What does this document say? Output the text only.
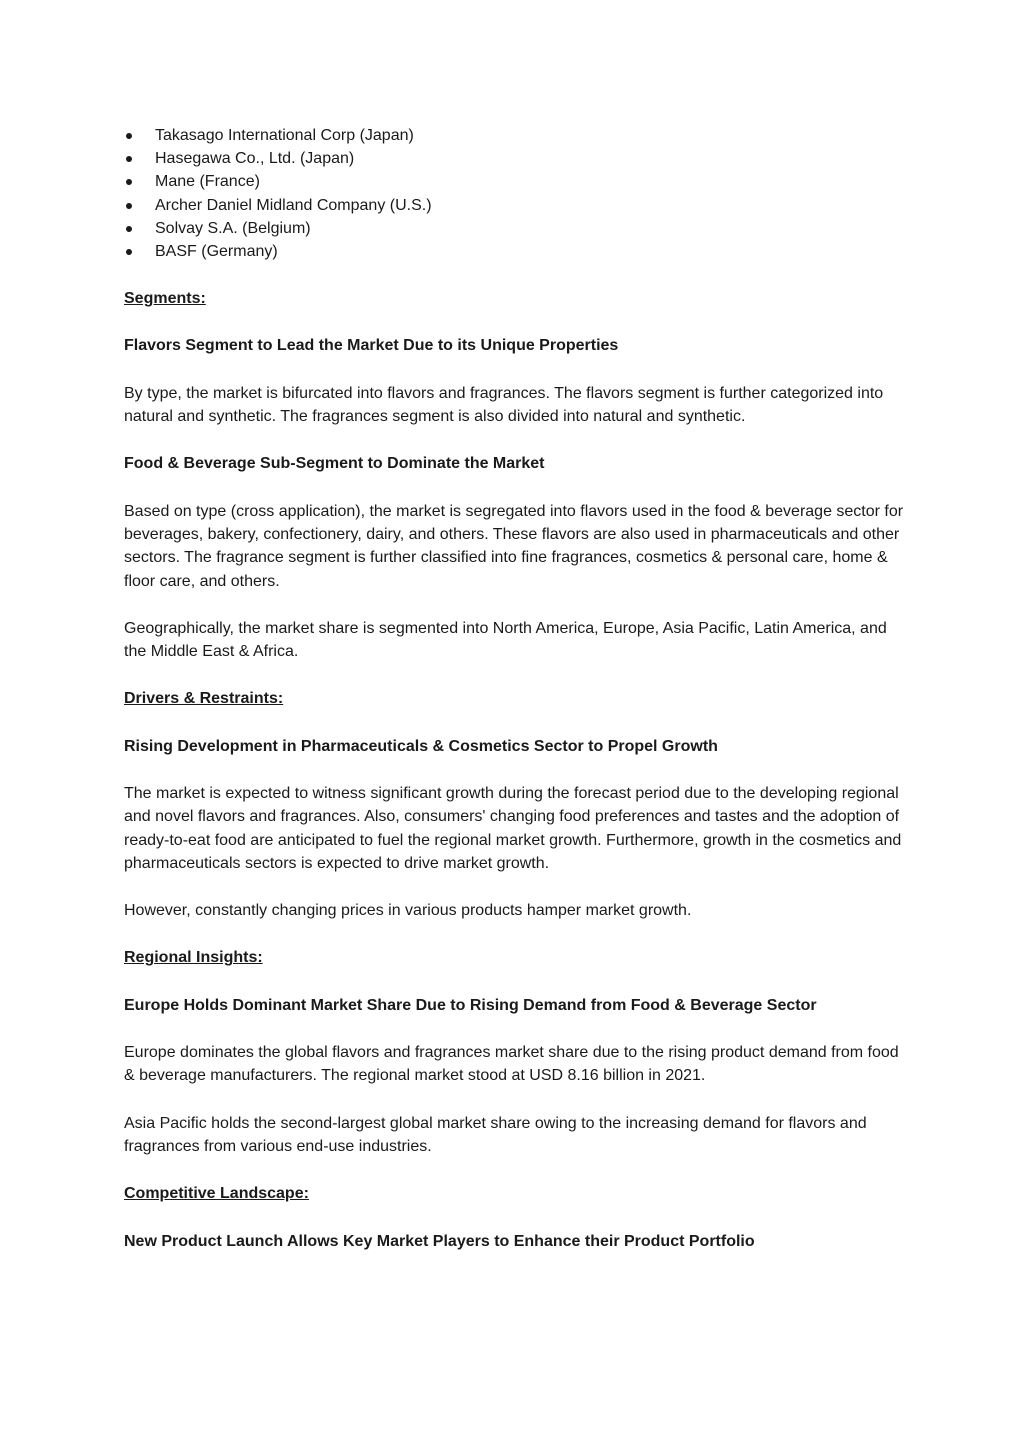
Takasago International Corp (Japan)
Hasegawa Co., Ltd. (Japan)
Mane (France)
Archer Daniel Midland Company (U.S.)
Solvay S.A. (Belgium)
BASF (Germany)
Segments:
Flavors Segment to Lead the Market Due to its Unique Properties

By type, the market is bifurcated into flavors and fragrances. The flavors segment is further categorized into natural and synthetic. The fragrances segment is also divided into natural and synthetic.

Food & Beverage Sub-Segment to Dominate the Market

Based on type (cross application), the market is segregated into flavors used in the food & beverage sector for beverages, bakery, confectionery, dairy, and others. These flavors are also used in pharmaceuticals and other sectors. The fragrance segment is further classified into fine fragrances, cosmetics & personal care, home & floor care, and others.

Geographically, the market share is segmented into North America, Europe, Asia Pacific, Latin America, and the Middle East & Africa.

Drivers & Restraints:
Rising Development in Pharmaceuticals & Cosmetics Sector to Propel Growth

The market is expected to witness significant growth during the forecast period due to the developing regional and novel flavors and fragrances. Also, consumers' changing food preferences and tastes and the adoption of ready-to-eat food are anticipated to fuel the regional market growth. Furthermore, growth in the cosmetics and pharmaceuticals sectors is expected to drive market growth.

However, constantly changing prices in various products hamper market growth.

Regional Insights:
Europe Holds Dominant Market Share Due to Rising Demand from Food & Beverage Sector

Europe dominates the global flavors and fragrances market share due to the rising product demand from food & beverage manufacturers. The regional market stood at USD 8.16 billion in 2021.

Asia Pacific holds the second-largest global market share owing to the increasing demand for flavors and fragrances from various end-use industries.

Competitive Landscape:
New Product Launch Allows Key Market Players to Enhance their Product Portfolio
